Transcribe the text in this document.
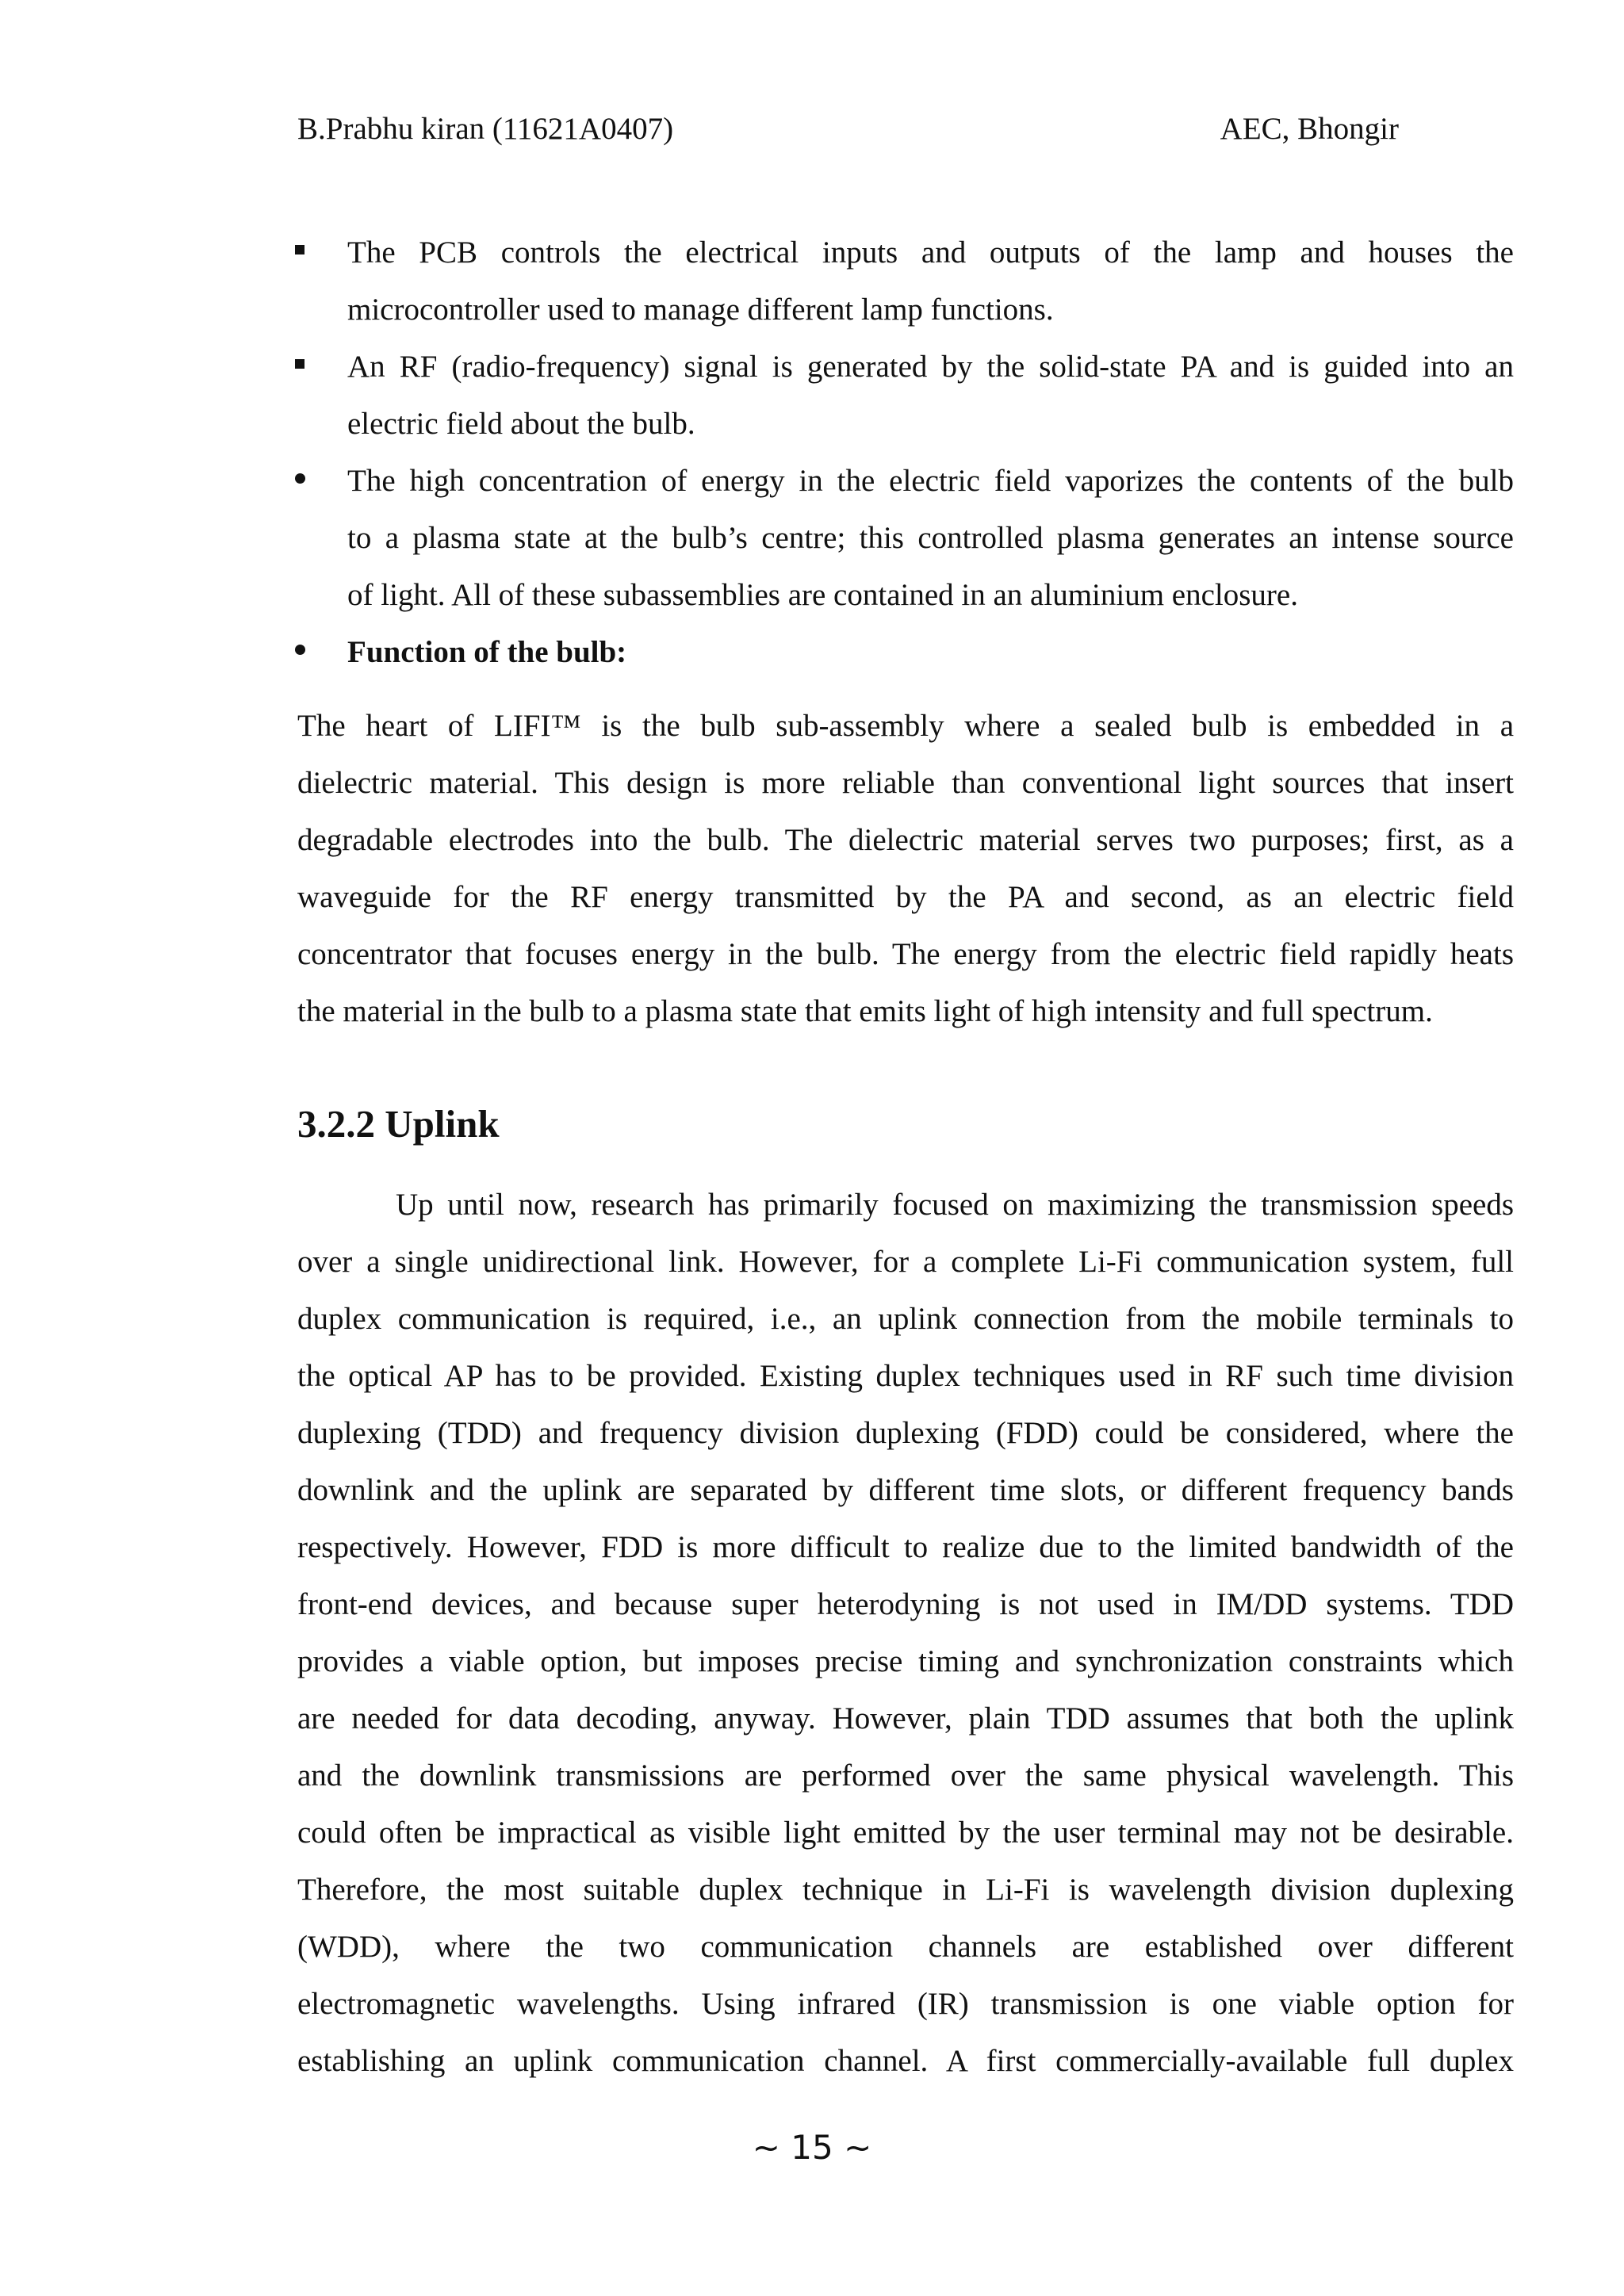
B.Prabhu kiran (11621A0407)	AEC, Bhongir
The PCB controls the electrical inputs and outputs of the lamp and houses the
microcontroller used to manage different lamp functions.
An RF (radio-frequency) signal is generated by the solid-state PA and is guided into an
electric field about the bulb.
The high concentration of energy in the electric field vaporizes the contents of the bulb
to a plasma state at the bulb’s centre; this controlled plasma generates an intense source
of light. All of these subassemblies are contained in an aluminium enclosure.
Function of the bulb:
The heart of LIFI™ is the bulb sub-assembly where a sealed bulb is embedded in a
dielectric material. This design is more reliable than conventional light sources that insert
degradable electrodes into the bulb. The dielectric material serves two purposes; first, as a
waveguide for the RF energy transmitted by the PA and second, as an electric field
concentrator that focuses energy in the bulb. The energy from the electric field rapidly heats
the material in the bulb to a plasma state that emits light of high intensity and full spectrum.
3.2.2 Uplink
Up until now, research has primarily focused on maximizing the transmission speeds
over a single unidirectional link. However, for a complete Li-Fi communication system, full
duplex communication is required, i.e., an uplink connection from the mobile terminals to
the optical AP has to be provided. Existing duplex techniques used in RF such time division
duplexing (TDD) and frequency division duplexing (FDD) could be considered, where the
downlink and the uplink are separated by different time slots, or different frequency bands
respectively. However, FDD is more difficult to realize due to the limited bandwidth of the
front-end devices, and because super heterodyning is not used in IM/DD systems. TDD
provides a viable option, but imposes precise timing and synchronization constraints which
are needed for data decoding, anyway. However, plain TDD assumes that both the uplink
and the downlink transmissions are performed over the same physical wavelength. This
could often be impractical as visible light emitted by the user terminal may not be desirable.
Therefore, the most suitable duplex technique in Li-Fi is wavelength division duplexing
(WDD), where the two communication channels are established over different
electromagnetic wavelengths. Using infrared (IR) transmission is one viable option for
establishing an uplink communication channel. A first commercially-available full duplex
~ 15 ~
